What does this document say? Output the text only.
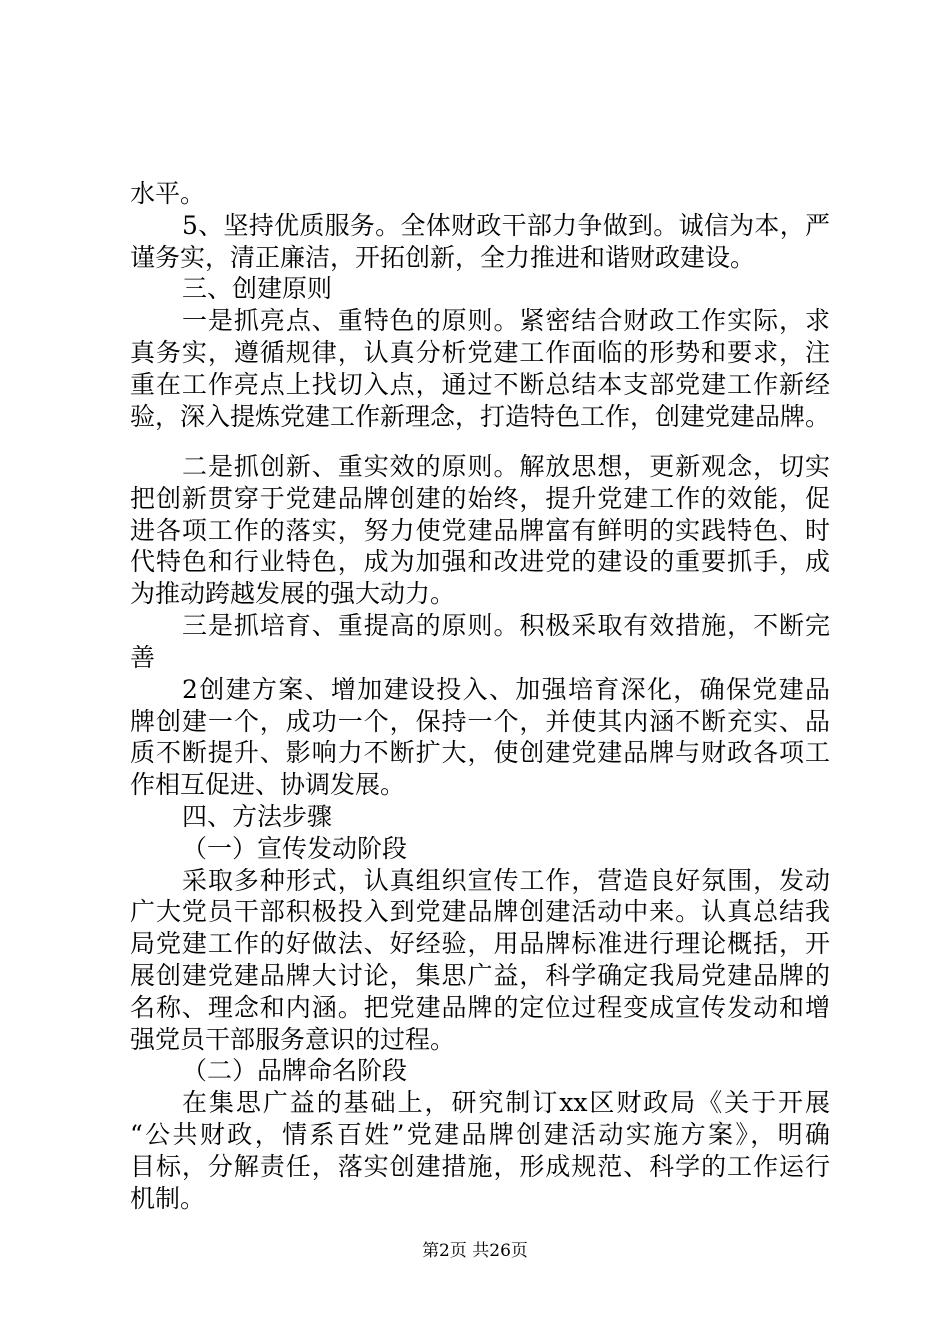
水平。
5、坚持优质服务。全体财政干部力争做到。诚信为本，严
谨务实，清正廉洁，开拓创新，全力推进和谐财政建设。
三、创建原则
一是抓亮点、重特色的原则。紧密结合财政工作实际，求
真务实，遵循规律，认真分析党建工作面临的形势和要求，注
重在工作亮点上找切入点，通过不断总结本支部党建工作新经
验，深入提炼党建工作新理念，打造特色工作，创建党建品牌。
二是抓创新、重实效的原则。解放思想，更新观念，切实
把创新贯穿于党建品牌创建的始终，提升党建工作的效能，促
进各项工作的落实，努力使党建品牌富有鲜明的实践特色、时
代特色和行业特色，成为加强和改进党的建设的重要抓手，成
为推动跨越发展的强大动力。
三是抓培育、重提高的原则。积极采取有效措施，不断完
善
2创建方案、增加建设投入、加强培育深化，确保党建品
牌创建一个，成功一个，保持一个，并使其内涵不断充实、品
质不断提升、影响力不断扩大，使创建党建品牌与财政各项工
作相互促进、协调发展。
四、方法步骤
（一）宣传发动阶段
采取多种形式，认真组织宣传工作，营造良好氛围，发动
广大党员干部积极投入到党建品牌创建活动中来。认真总结我
局党建工作的好做法、好经验，用品牌标准进行理论概括，开
展创建党建品牌大讨论，集思广益，科学确定我局党建品牌的
名称、理念和内涵。把党建品牌的定位过程变成宣传发动和增
强党员干部服务意识的过程。
（二）品牌命名阶段
在集思广益的基础上，研究制订xx区财政局《关于开展
“公共财政，情系百姓”党建品牌创建活动实施方案》，明确
目标，分解责任，落实创建措施，形成规范、科学的工作运行
机制。
第2页 共26页
